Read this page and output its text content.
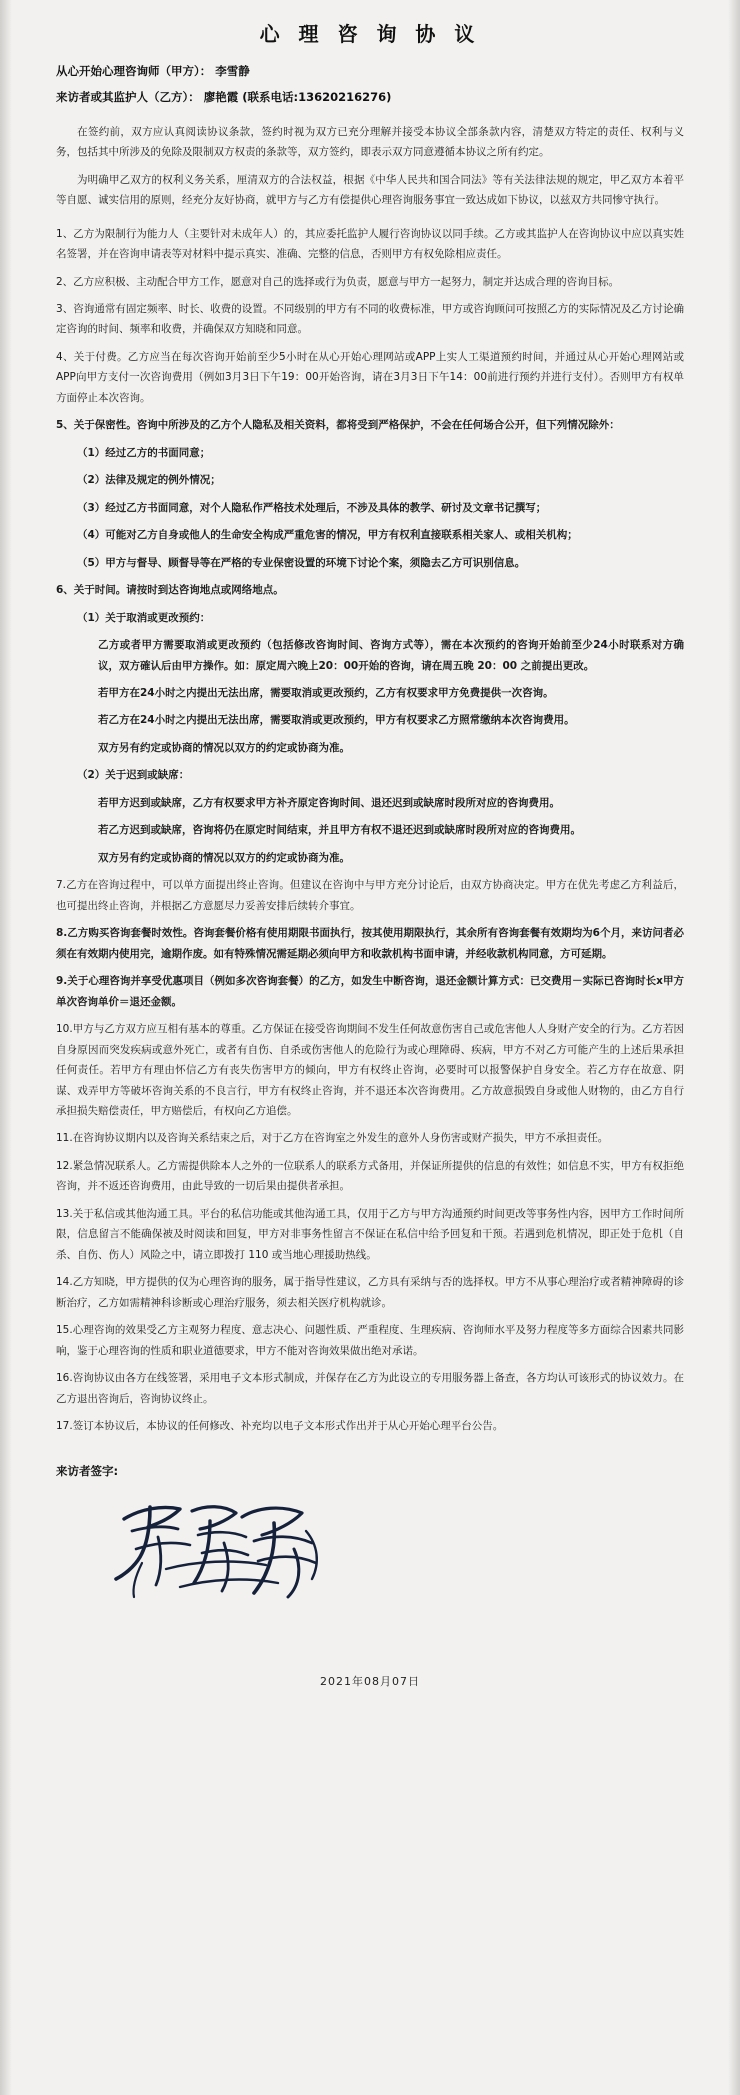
心 理 咨 询 协 议
从心开始心理咨询师（甲方）： 李雪静
来访者或其监护人（乙方）： 廖艳霞 (联系电话:13620216276)
在签约前，双方应认真阅读协议条款，签约时视为双方已充分理解并接受本协议全部条款内容，清楚双方特定的责任、权利与义务，包括其中所涉及的免除及限制双方权责的条款等，双方签约，即表示双方同意遵循本协议之所有约定。
为明确甲乙双方的权利义务关系，厘清双方的合法权益，根据《中华人民共和国合同法》等有关法律法规的规定，甲乙双方本着平等自愿、诚实信用的原则，经充分友好协商，就甲方与乙方有偿提供心理咨询服务事宜一致达成如下协议，以兹双方共同惨守执行。
1、乙方为限制行为能力人（主要针对未成年人）的，其应委托监护人履行咨询协议以同手续。乙方或其监护人在咨询协议中应以真实姓名签署，并在咨询申请表等对材料中提示真实、准确、完整的信息，否则甲方有权免除相应责任。
2、乙方应积极、主动配合甲方工作，愿意对自己的选择或行为负责，愿意与甲方一起努力，制定并达成合理的咨询目标。
3、咨询通常有固定频率、时长、收费的设置。不同级别的甲方有不同的收费标准，甲方或咨询顾问可按照乙方的实际情况及乙方讨论确定咨询的时间、频率和收费，并确保双方知晓和同意。
4、关于付费。乙方应当在每次咨询开始前至少5小时在从心开始心理网站或APP上实人工渠道预约时间，并通过从心开始心理网站或APP向甲方支付一次咨询费用（例如3月3日下午19：00开始咨询，请在3月3日下午14：00前进行预约并进行支付）。否则甲方有权单方面停止本次咨询。
5、关于保密性。咨询中所涉及的乙方个人隐私及相关资料，都将受到严格保护，不会在任何场合公开，但下列情况除外：
（1）经过乙方的书面同意；
（2）法律及规定的例外情况；
（3）经过乙方书面同意，对个人隐私作严格技术处理后，不涉及具体的教学、研讨及文章书记撰写；
（4）可能对乙方自身或他人的生命安全构成严重危害的情况，甲方有权利直接联系相关家人、或相关机构；
（5）甲方与督导、顾督导等在严格的专业保密设置的环境下讨论个案，须隐去乙方可识别信息。
6、关于时间。请按时到达咨询地点或网络地点。
（1）关于取消或更改预约：
乙方或者甲方需要取消或更改预约（包括修改咨询时间、咨询方式等），需在本次预约的咨询开始前至少24小时联系对方确议，双方確认后由甲方操作。如：原定周六晚上20：00开始的咨询，请在周五晚 20：00 之前提出更改。
若甲方在24小时之内提出无法出席，需要取消或更改预约，乙方有权要求甲方免费提供一次咨询。
若乙方在24小时之内提出无法出席，需要取消或更改预约，甲方有权要求乙方照常缴纳本次咨询费用。
双方另有约定或协商的情况以双方的约定或协商为准。
（2）关于迟到或缺席：
若甲方迟到或缺席，乙方有权要求甲方补齐原定咨询时间、退还迟到或缺席时段所对应的咨询费用。
若乙方迟到或缺席，咨询将仍在原定时间结束，并且甲方有权不退还迟到或缺席时段所对应的咨询费用。
双方另有约定或协商的情况以双方的约定或协商为准。
7.乙方在咨询过程中，可以单方面提出终止咨询。但建议在咨询中与甲方充分讨论后，由双方协商决定。甲方在优先考虑乙方利益后，也可提出终止咨询，并根据乙方意愿尽力妥善安排后续转介事宜。
8.乙方购买咨询套餐时效性。咨询套餐价格有使用期限书面执行，按其使用期限执行，其余所有咨询套餐有效期均为6个月，来访问者必须在有效期内使用完，逾期作废。如有特殊情况需延期必须向甲方和收款机构书面申请，并经收款机构同意，方可延期。
9.关于心理咨询并享受优惠项目（例如多次咨询套餐）的乙方，如发生中断咨询，退还金额计算方式：已交费用－实际已咨询时长x甲方单次咨询单价＝退还金额。
10.甲方与乙方双方应互相有基本的尊重。乙方保证在接受咨询期间不发生任何故意伤害自己或危害他人人身财产安全的行为。乙方若因自身原因而突发疾病或意外死亡，或者有自伤、自杀或伤害他人的危险行为或心理障碍、疾病，甲方不对乙方可能产生的上述后果承担任何责任。若甲方有理由怀信乙方有丧失伤害甲方的倾向，甲方有权终止咨询，必要时可以报警保护自身安全。若乙方存在故意、阴谋、戏弄甲方等破坏咨询关系的不良言行，甲方有权终止咨询，并不退还本次咨询费用。乙方故意损毁自身或他人财物的，由乙方自行承担损失赔偿责任，甲方赔偿后，有权向乙方追偿。
11.在咨询协议期内以及咨询关系结束之后，对于乙方在咨询室之外发生的意外人身伤害或财产损失，甲方不承担责任。
12.紧急情况联系人。乙方需提供除本人之外的一位联系人的联系方式备用，并保证所提供的信息的有效性；如信息不实，甲方有权拒绝咨询，并不返还咨询费用，由此导致的一切后果由提供者承担。
13.关于私信或其他沟通工具。平台的私信功能或其他沟通工具，仅用于乙方与甲方沟通预约时间更改等事务性内容，因甲方工作时间所限，信息留言不能确保被及时阅读和回复，甲方对非事务性留言不保证在私信中给予回复和干预。若遇到危机情况，即正处于危机（自杀、自伤、伤人）风险之中，请立即拨打 110 或当地心理援助热线。
14.乙方知晓，甲方提供的仅为心理咨询的服务，属于指导性建议，乙方具有采纳与否的选择权。甲方不从事心理治疗或者精神障碍的诊断治疗，乙方如需精神科诊断或心理治疗服务，须去相关医疗机构就诊。
15.心理咨询的效果受乙方主观努力程度、意志决心、问题性质、严重程度、生理疾病、咨询师水平及努力程度等多方面综合因素共同影响，鉴于心理咨询的性质和职业道德要求，甲方不能对咨询效果做出绝对承诺。
16.咨询协议由各方在线签署，采用电子文本形式制成，并保存在乙方为此设立的专用服务器上备查，各方均认可该形式的协议效力。在乙方退出咨询后，咨询协议终止。
17.签订本协议后，本协议的任何修改、补充均以电子文本形式作出并于从心开始心理平台公告。
来访者签字:
2021年08月07日
